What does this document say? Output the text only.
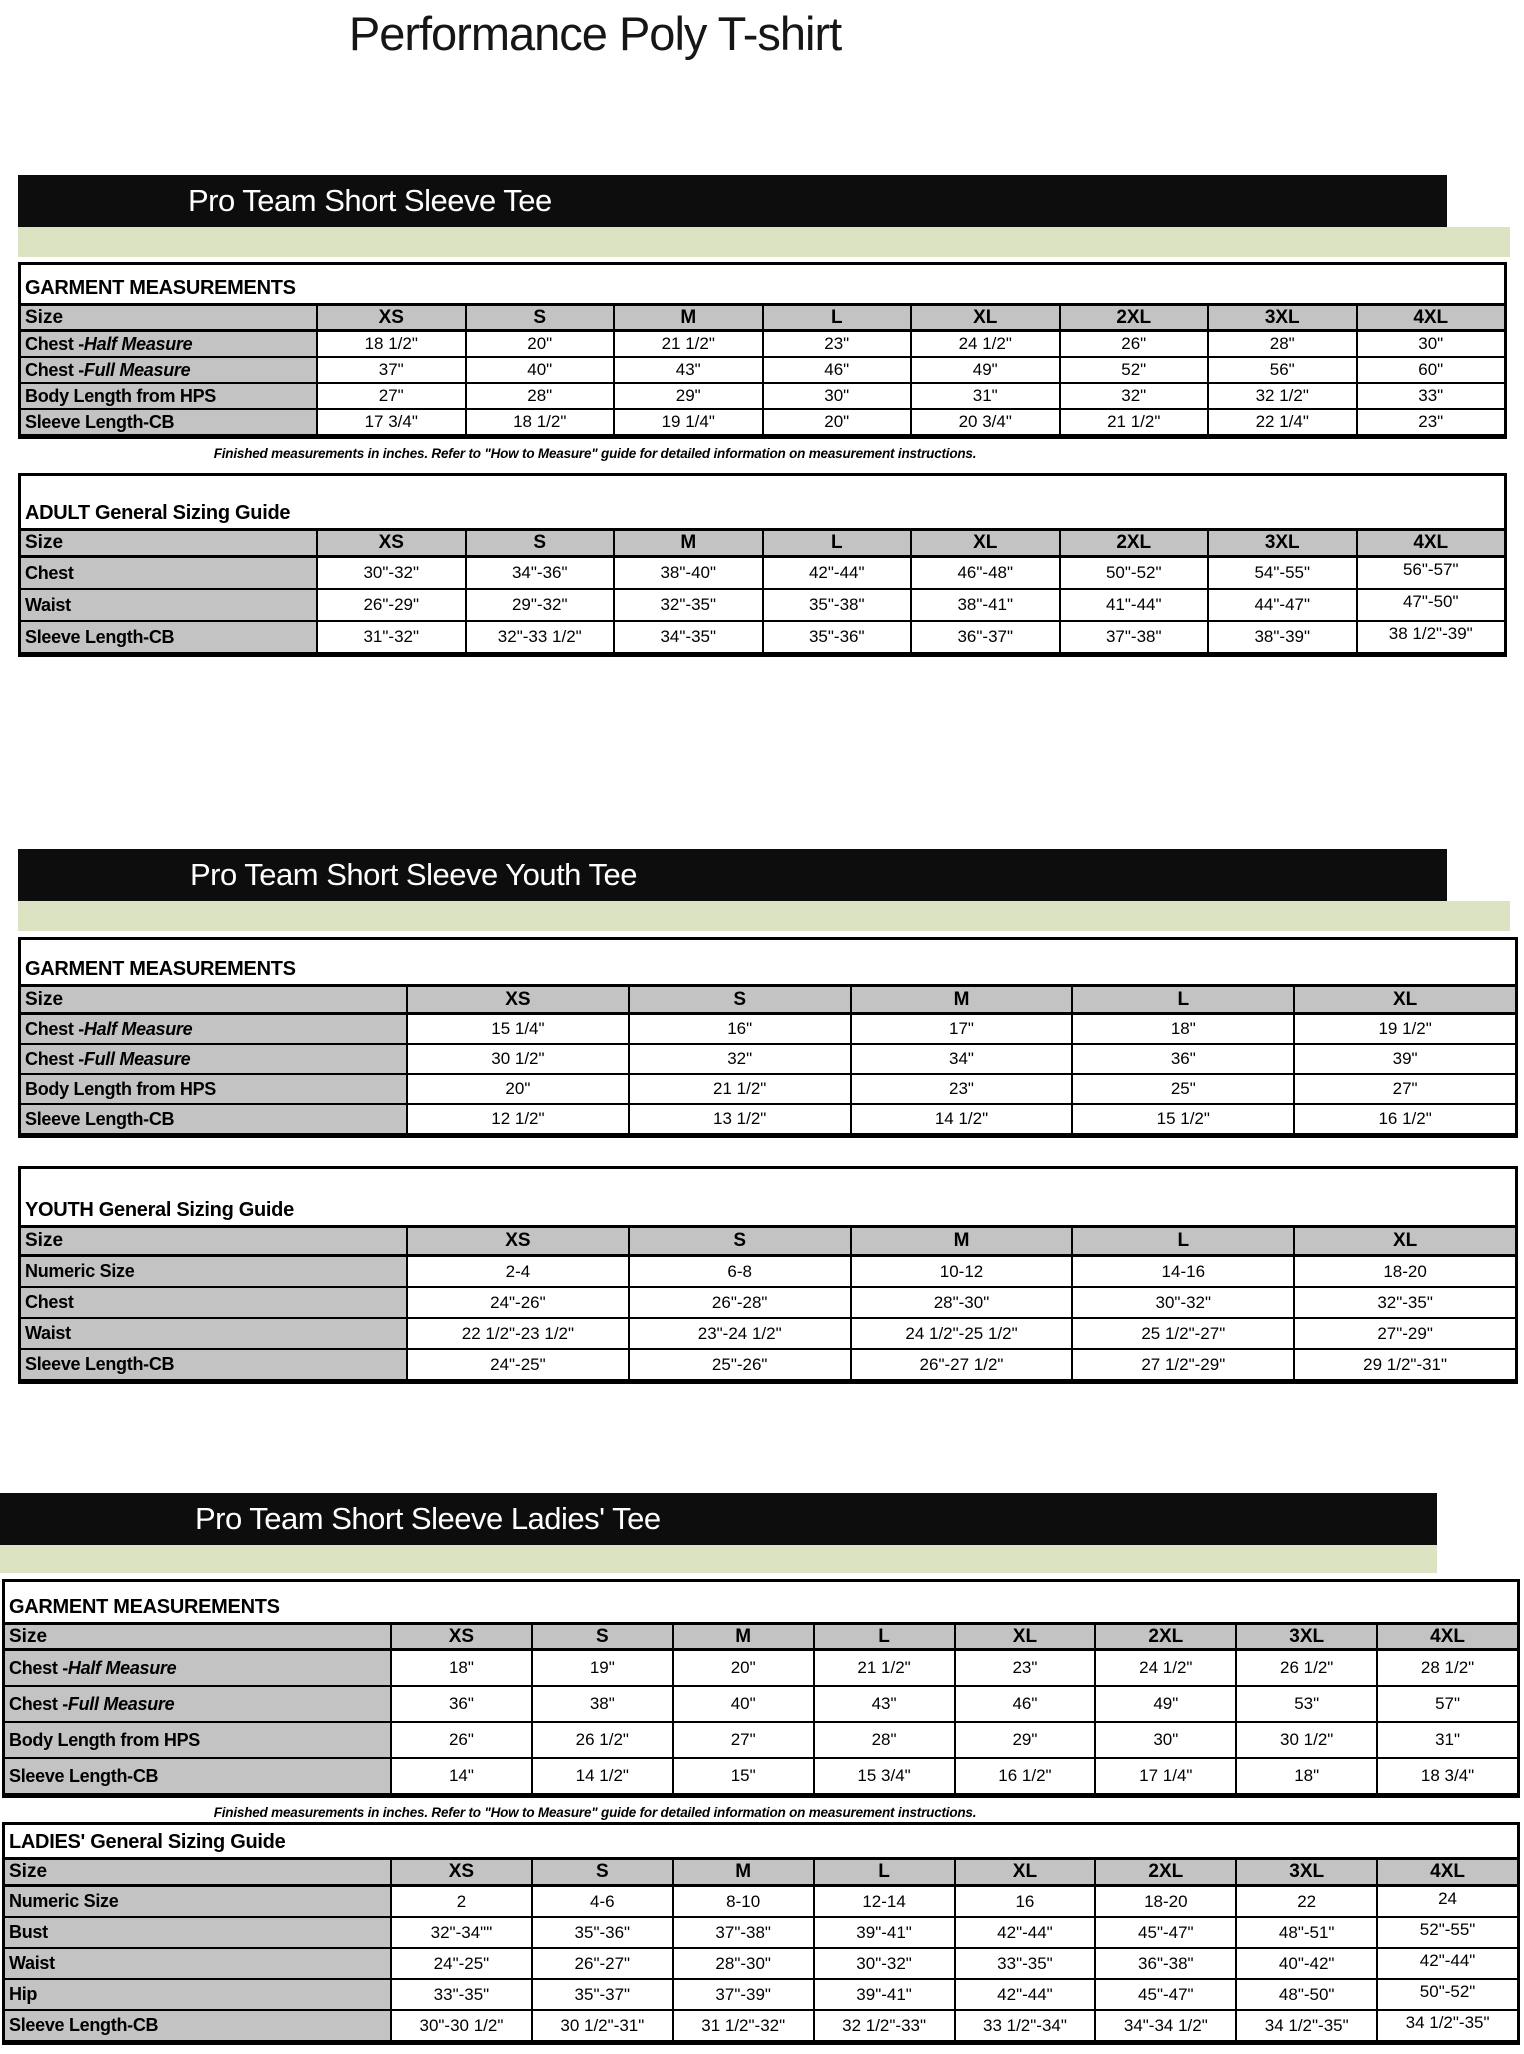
Performance Poly T-shirt
Pro Team Short Sleeve Tee
GARMENT MEASUREMENTS
Size	XS	S	M	L	XL	2XL	3XL	4XL
Chest - Half Measure	18 1/2"	20"	21 1/2"	23"	24 1/2"	26"	28"	30"
Chest - Full Measure	37"	40"	43"	46"	49"	52"	56"	60"
Body Length from HPS	27"	28"	29"	30"	31"	32"	32 1/2"	33"
Sleeve Length-CB	17 3/4"	18 1/2"	19 1/4"	20"	20 3/4"	21 1/2"	22 1/4"	23"

Finished measurements in inches. Refer to "How to Measure" guide for detailed information on measurement instructions.

ADULT General Sizing Guide
Size	XS	S	M	L	XL	2XL	3XL	4XL
Chest	30"-32"	34"-36"	38"-40"	42"-44"	46"-48"	50"-52"	54"-55"	56"-57"
Waist	26"-29"	29"-32"	32"-35"	35"-38"	38"-41"	41"-44"	44"-47"	47"-50"
Sleeve Length-CB	31"-32"	32"-33 1/2"	34"-35"	35"-36"	36"-37"	37"-38"	38"-39"	38 1/2"-39"
Pro Team Short Sleeve Youth Tee
GARMENT MEASUREMENTS
Size	XS	S	M	L	XL
Chest - Half Measure	15 1/4"	16"	17"	18"	19 1/2"
Chest - Full Measure	30 1/2"	32"	34"	36"	39"
Body Length from HPS	20"	21 1/2"	23"	25"	27"
Sleeve Length-CB	12 1/2"	13 1/2"	14 1/2"	15 1/2"	16 1/2"
YOUTH General Sizing Guide
Size	XS	S	M	L	XL
Numeric Size	2-4	6-8	10-12	14-16	18-20
Chest	24"-26"	26"-28"	28"-30"	30"-32"	32"-35"
Waist	22 1/2"-23 1/2"	23"-24 1/2"	24 1/2"-25 1/2"	25 1/2"-27"	27"-29"
Sleeve Length-CB	24"-25"	25"-26"	26"-27 1/2"	27 1/2"-29"	29 1/2"-31"
Pro Team Short Sleeve Ladies' Tee
GARMENT MEASUREMENTS
Size	XS	S	M	L	XL	2XL	3XL	4XL
Chest - Half Measure	18"	19"	20"	21 1/2"	23"	24 1/2"	26 1/2"	28 1/2"
Chest - Full Measure	36"	38"	40"	43"	46"	49"	53"	57"
Body Length from HPS	26"	26 1/2"	27"	28"	29"	30"	30 1/2"	31"
Sleeve Length-CB	14"	14 1/2"	15"	15 3/4"	16 1/2"	17 1/4"	18"	18 3/4"

Finished measurements in inches. Refer to "How to Measure" guide for detailed information on measurement instructions.

LADIES' General Sizing Guide
Size	XS	S	M	L	XL	2XL	3XL	4XL
Numeric Size	2	4-6	8-10	12-14	16	18-20	22	24
Bust	32"-34""	35"-36"	37"-38"	39"-41"	42"-44"	45"-47"	48"-51"	52"-55"
Waist	24"-25"	26"-27"	28"-30"	30"-32"	33"-35"	36"-38"	40"-42"	42"-44"
Hip	33"-35"	35"-37"	37"-39"	39"-41"	42"-44"	45"-47"	48"-50"	50"-52"
Sleeve Length-CB	30"-30 1/2"	30 1/2"-31"	31 1/2"-32"	32 1/2"-33"	33 1/2"-34"	34"-34 1/2"	34 1/2"-35"	34 1/2"-35"
